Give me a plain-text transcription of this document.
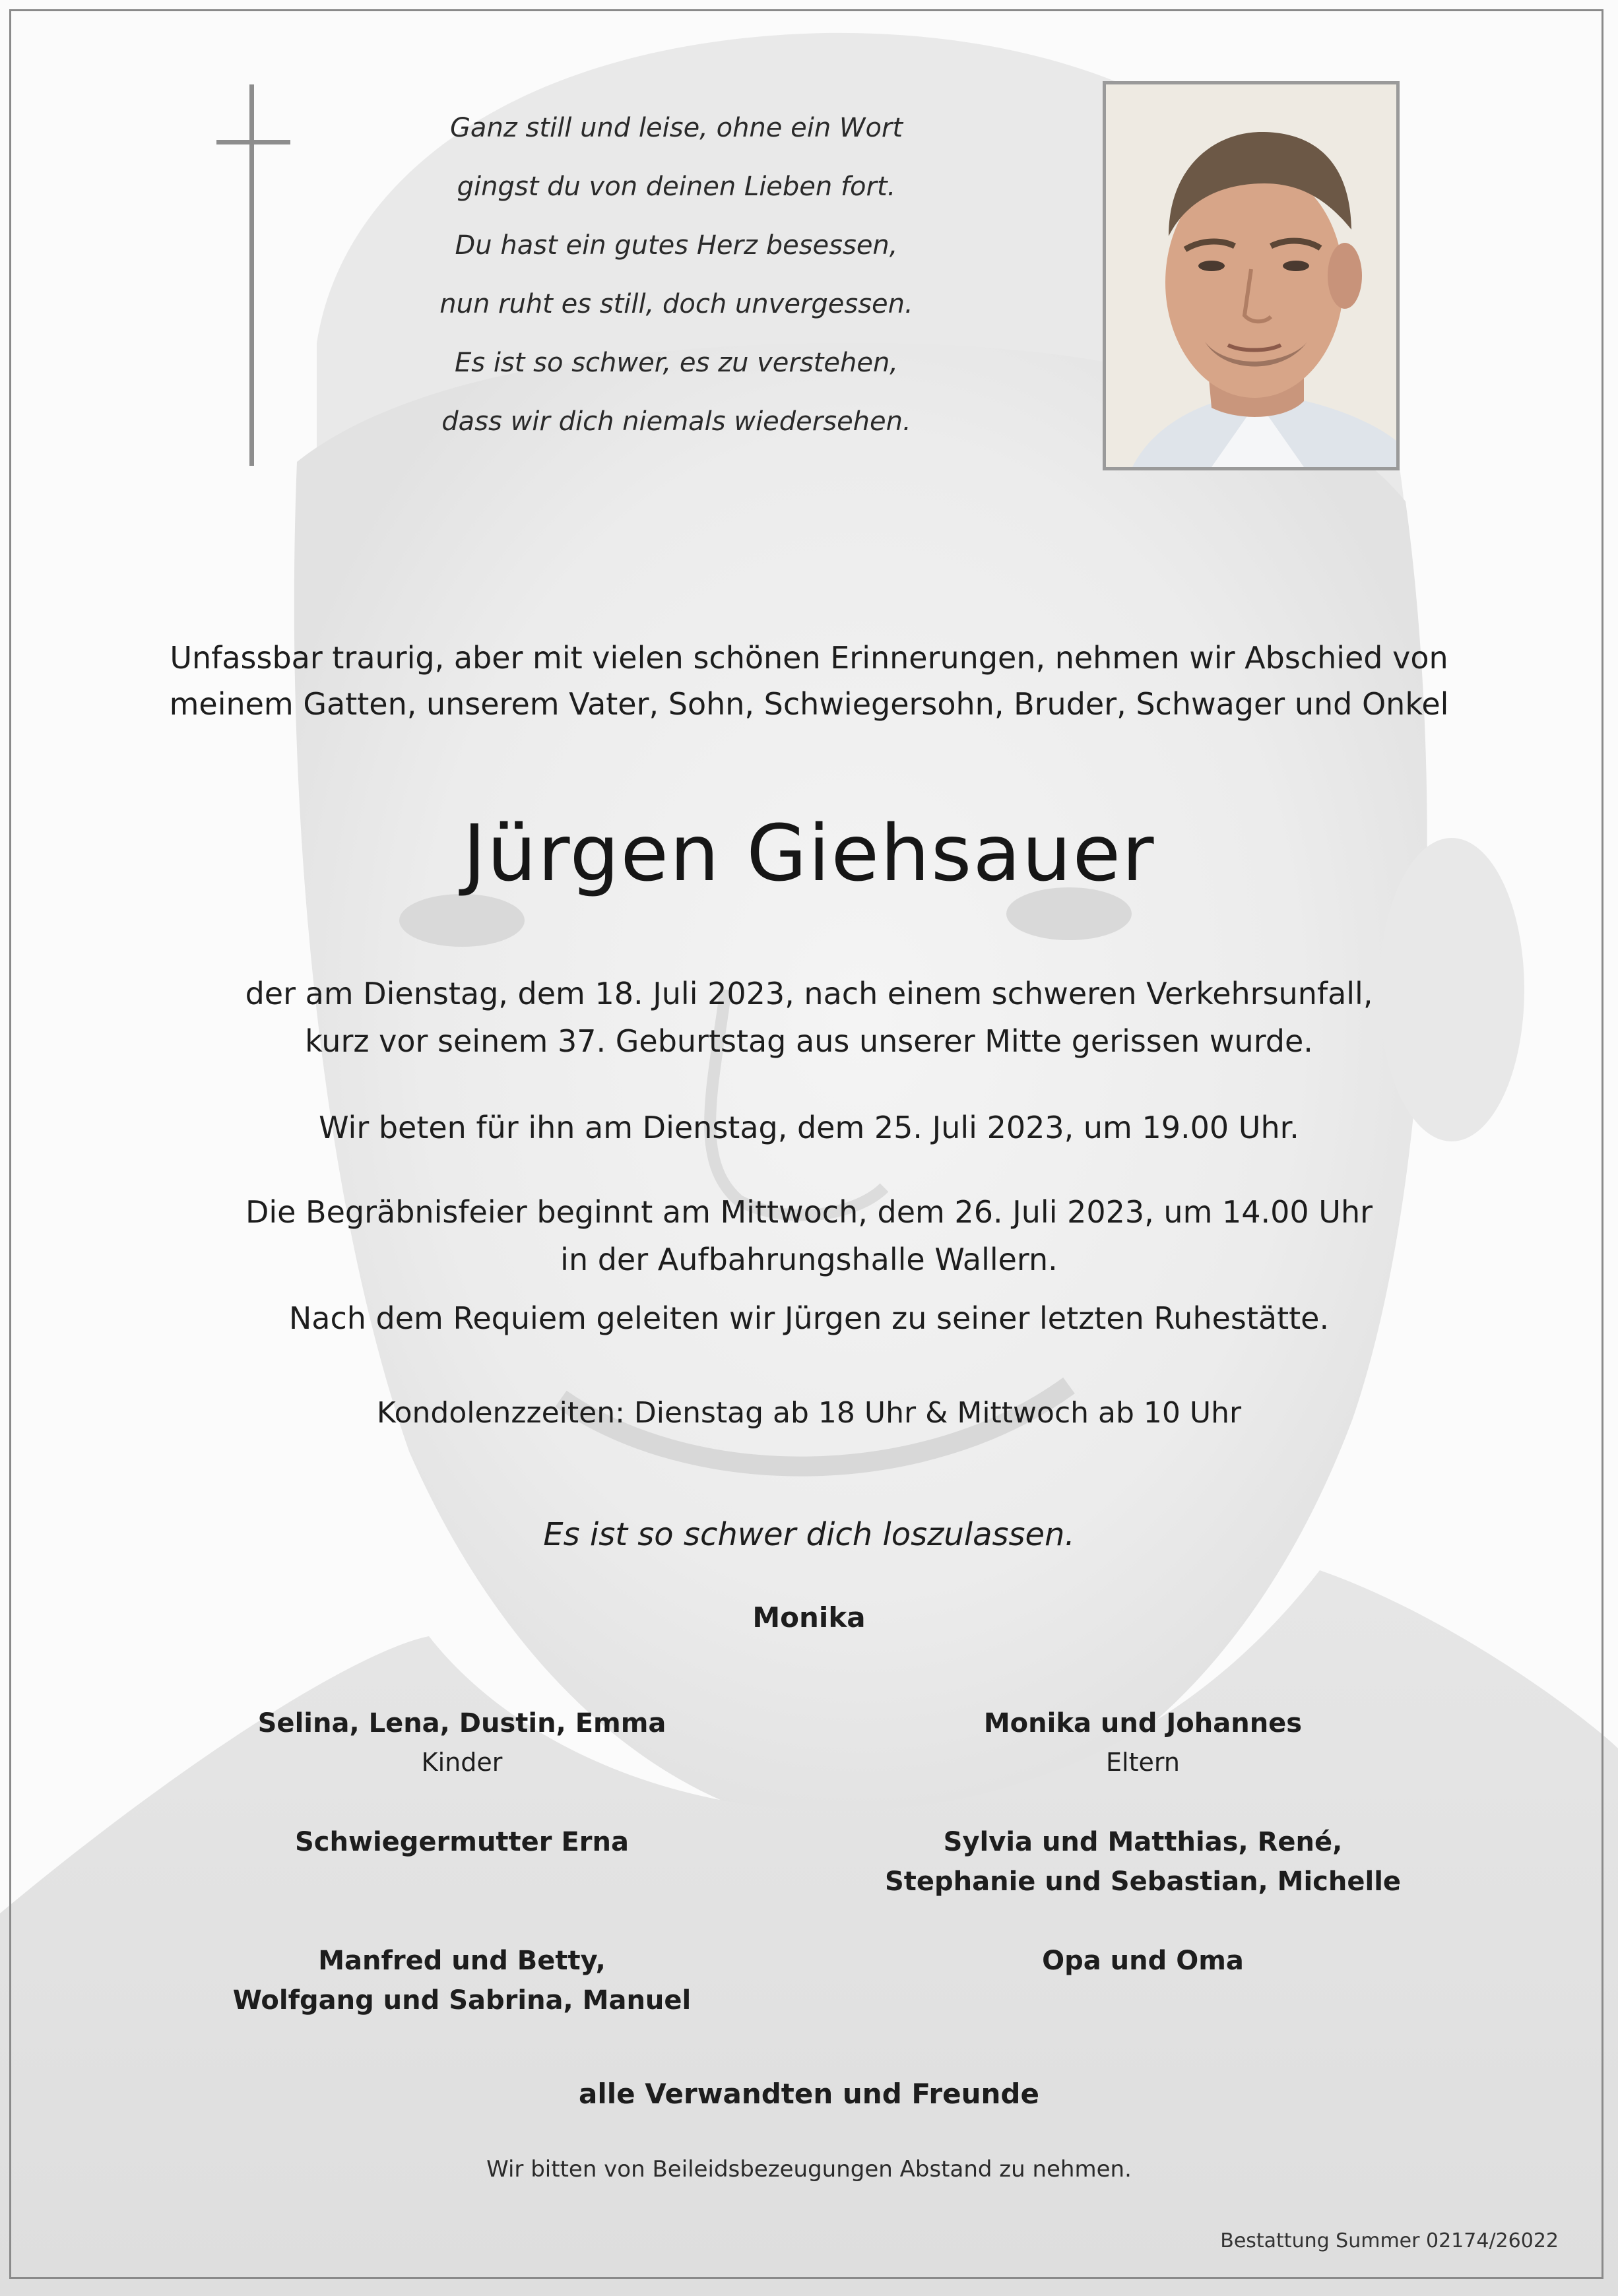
Ganz still und leise, ohne ein Wort
gingst du von deinen Lieben fort.
Du hast ein gutes Herz besessen,
nun ruht es still, doch unvergessen.
Es ist so schwer, es zu verstehen,
dass wir dich niemals wiedersehen.
Unfassbar traurig, aber mit vielen schönen Erinnerungen, nehmen wir Abschied von
meinem Gatten, unserem Vater, Sohn, Schwiegersohn, Bruder, Schwager und Onkel
Jürgen Giehsauer
der am Dienstag, dem 18. Juli 2023, nach einem schweren Verkehrsunfall,
kurz vor seinem 37. Geburtstag aus unserer Mitte gerissen wurde.
Wir beten für ihn am Dienstag, dem 25. Juli 2023, um 19.00 Uhr.
Die Begräbnisfeier beginnt am Mittwoch, dem 26. Juli 2023, um 14.00 Uhr
in der Aufbahrungshalle Wallern.
Nach dem Requiem geleiten wir Jürgen zu seiner letzten Ruhestätte.
Kondolenzzeiten: Dienstag ab 18 Uhr & Mittwoch ab 10 Uhr
Es ist so schwer dich loszulassen.
Monika
Selina, Lena, Dustin, Emma
Kinder
Monika und Johannes
Eltern
Schwiegermutter Erna	Sylvia und Matthias, René,
Stephanie und Sebastian, Michelle
Manfred und Betty,
Wolfgang und Sabrina, Manuel
Opa und Oma
alle Verwandten und Freunde
Wir bitten von Beileidsbezeugungen Abstand zu nehmen.
Bestattung Summer 02174/26022
